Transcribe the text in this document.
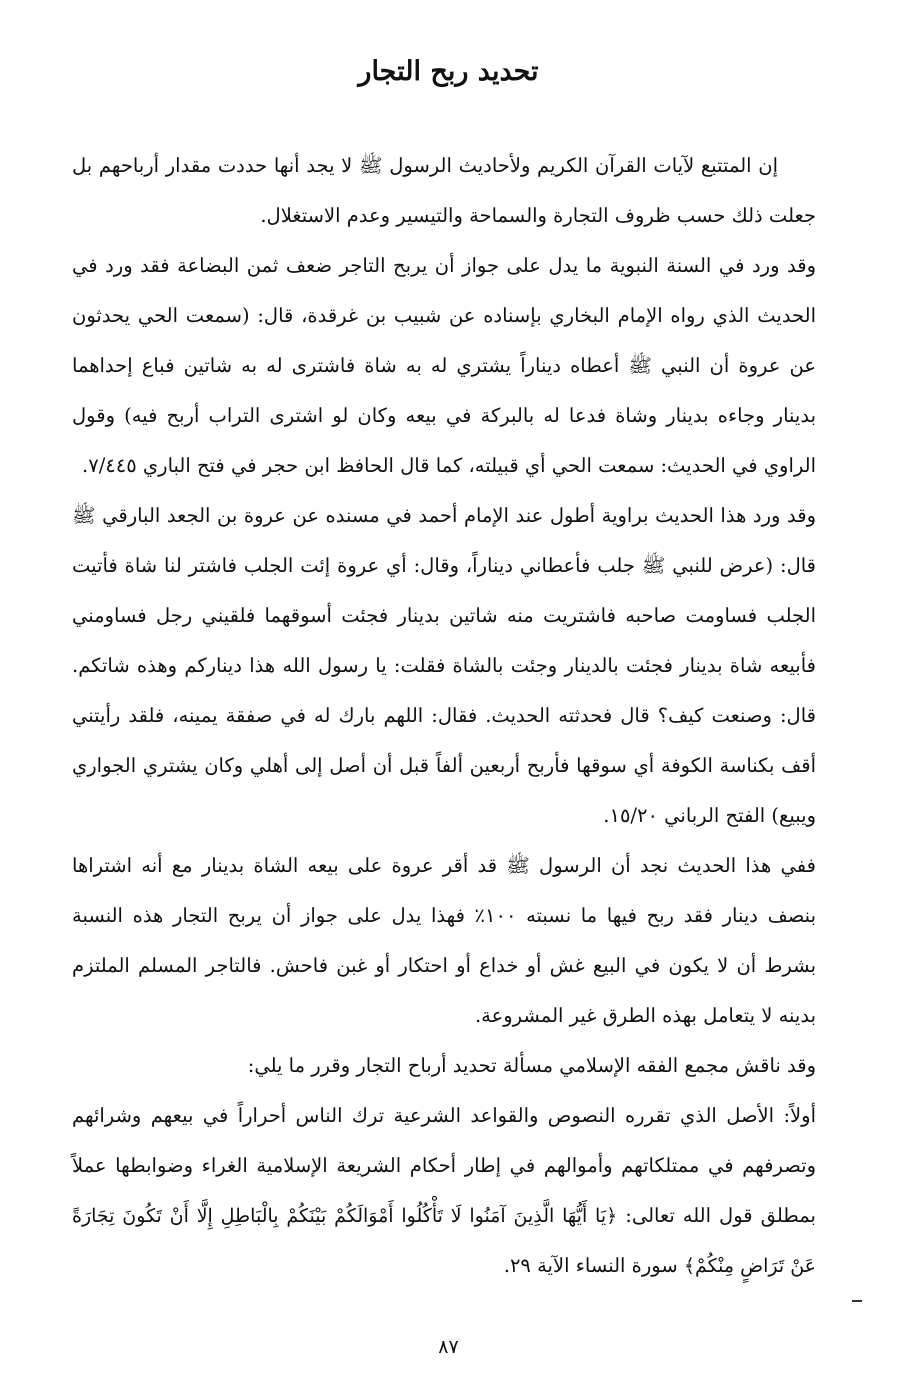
تحديد ربح التجار

إن المتتبع لآيات القرآن الكريم ولأحاديث الرسول ﷺ لا يجد أنها حددت مقدار أرباحهم بل جعلت ذلك حسب ظروف التجارة والسماحة والتيسير وعدم الاستغلال.

وقد ورد في السنة النبوية ما يدل على جواز أن يربح التاجر ضعف ثمن البضاعة فقد ورد في الحديث الذي رواه الإمام البخاري بإسناده عن شبيب بن غرقدة، قال: (سمعت الحي يحدثون عن عروة أن النبي ﷺ أعطاه ديناراً يشتري له به شاة فاشترى له به شاتين فباع إحداهما بدينار وجاءه بدينار وشاة فدعا له بالبركة في بيعه وكان لو اشترى التراب أربح فيه) وقول الراوي في الحديث: سمعت الحي أي قبيلته، كما قال الحافظ ابن حجر في فتح الباري ٧/٤٤٥.

وقد ورد هذا الحديث براوية أطول عند الإمام أحمد في مسنده عن عروة بن الجعد البارقي ﷺ قال: (عرض للنبي ﷺ جلب فأعطاني ديناراً، وقال: أي عروة إئت الجلب فاشتر لنا شاة فأتيت الجلب فساومت صاحبه فاشتريت منه شاتين بدينار فجئت أسوقهما فلقيني رجل فساومني فأبيعه شاة بدينار فجئت بالدينار وجئت بالشاة فقلت: يا رسول الله هذا ديناركم وهذه شاتكم. قال: وصنعت كيف؟ قال فحدثته الحديث. فقال: اللهم بارك له في صفقة يمينه، فلقد رأيتني أقف بكناسة الكوفة أي سوقها فأربح أربعين ألفاً قبل أن أصل إلى أهلي وكان يشتري الجواري ويبيع) الفتح الرباني ١٥/٢٠.

ففي هذا الحديث نجد أن الرسول ﷺ قد أقر عروة على بيعه الشاة بدينار مع أنه اشتراها بنصف دينار فقد ربح فيها ما نسبته ١٠٠٪ فهذا يدل على جواز أن يربح التجار هذه النسبة بشرط أن لا يكون في البيع غش أو خداع أو احتكار أو غبن فاحش. فالتاجر المسلم الملتزم بدينه لا يتعامل بهذه الطرق غير المشروعة.

وقد ناقش مجمع الفقه الإسلامي مسألة تحديد أرباح التجار وقرر ما يلي:

أولاً: الأصل الذي تقرره النصوص والقواعد الشرعية ترك الناس أحراراً في بيعهم وشرائهم وتصرفهم في ممتلكاتهم وأموالهم في إطار أحكام الشريعة الإسلامية الغراء وضوابطها عملاً بمطلق قول الله تعالى: ﴿يَا أَيُّهَا الَّذِينَ آمَنُوا لَا تَأْكُلُوا أَمْوَالَكُمْ بَيْنَكُمْ بِالْبَاطِلِ إِلَّا أَنْ تَكُونَ تِجَارَةً عَنْ تَرَاضٍ مِنْكُمْ﴾ سورة النساء الآية ٢٩.

٨٧
